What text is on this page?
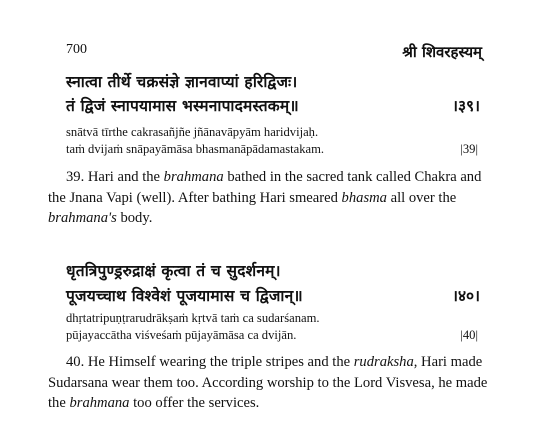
700	श्री शिवरहस्यम्
स्नात्वा तीर्थे चक्रसंज्ञे ज्ञानवाप्यां हरिद्विजः।
तं द्विजं स्नापयामास भस्मनापादमस्तकम्॥	।३९।
snātvā tīrthe cakrasañjñe jñānavāpyām haridvijaḥ.
taṁ dvijaṁ snāpayāmāsa bhasmanāpādamastakam.	|39|

39. Hari and the brahmana bathed in the sacred tank called Chakra and the Jnana Vapi (well). After bathing Hari smeared bhasma all over the brahmana's body.

धृतत्रिपुण्ड्ररुद्राक्षं कृत्वा तं च सुदर्शनम्।
पूजयच्चाथ विश्वेशं पूजयामास च द्विजान्॥	।४०।
dhṛtatripuṇṭrarudrākṣaṁ kṛtvā taṁ ca sudarśanam.
pūjayaccātha viśveśaṁ pūjayāmāsa ca dvijān.	|40|

40. He Himself wearing the triple stripes and the rudraksha, Hari made Sudarsana wear them too. According worship to the Lord Visvesa, he made the brahmana too offer the services.
